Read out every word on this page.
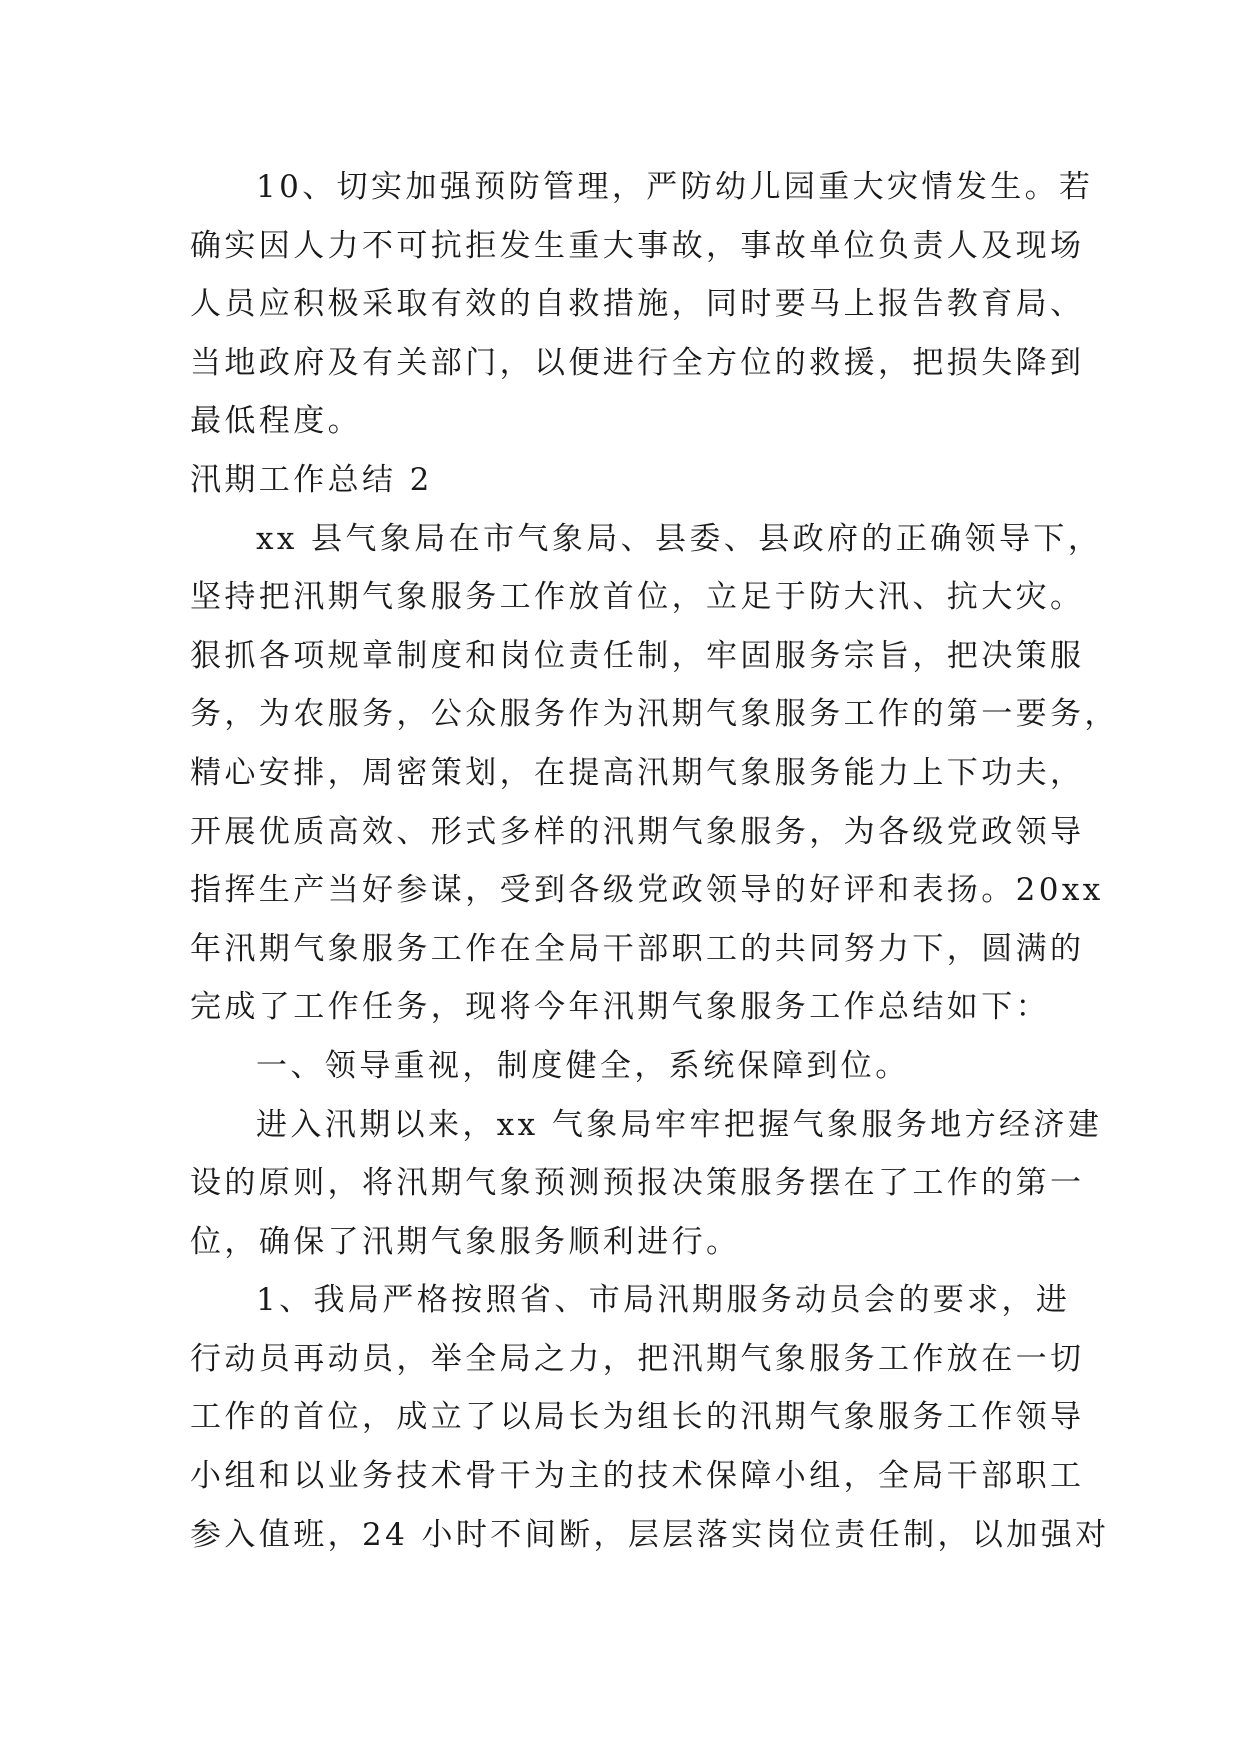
10、切实加强预防管理，严防幼儿园重大灾情发生。若
确实因人力不可抗拒发生重大事故，事故单位负责人及现场
人员应积极采取有效的自救措施，同时要马上报告教育局、
当地政府及有关部门，以便进行全方位的救援，把损失降到
最低程度。
汛期工作总结 2
xx 县气象局在市气象局、县委、县政府的正确领导下，
坚持把汛期气象服务工作放首位，立足于防大汛、抗大灾。
狠抓各项规章制度和岗位责任制，牢固服务宗旨，把决策服
务，为农服务，公众服务作为汛期气象服务工作的第一要务，
精心安排，周密策划，在提高汛期气象服务能力上下功夫，
开展优质高效、形式多样的汛期气象服务，为各级党政领导
指挥生产当好参谋，受到各级党政领导的好评和表扬。20xx
年汛期气象服务工作在全局干部职工的共同努力下，圆满的
完成了工作任务，现将今年汛期气象服务工作总结如下：
一、领导重视，制度健全，系统保障到位。
进入汛期以来，xx 气象局牢牢把握气象服务地方经济建
设的原则，将汛期气象预测预报决策服务摆在了工作的第一
位，确保了汛期气象服务顺利进行。
1、我局严格按照省、市局汛期服务动员会的要求，进
行动员再动员，举全局之力，把汛期气象服务工作放在一切
工作的首位，成立了以局长为组长的汛期气象服务工作领导
小组和以业务技术骨干为主的技术保障小组，全局干部职工
参入值班，24 小时不间断，层层落实岗位责任制，以加强对
